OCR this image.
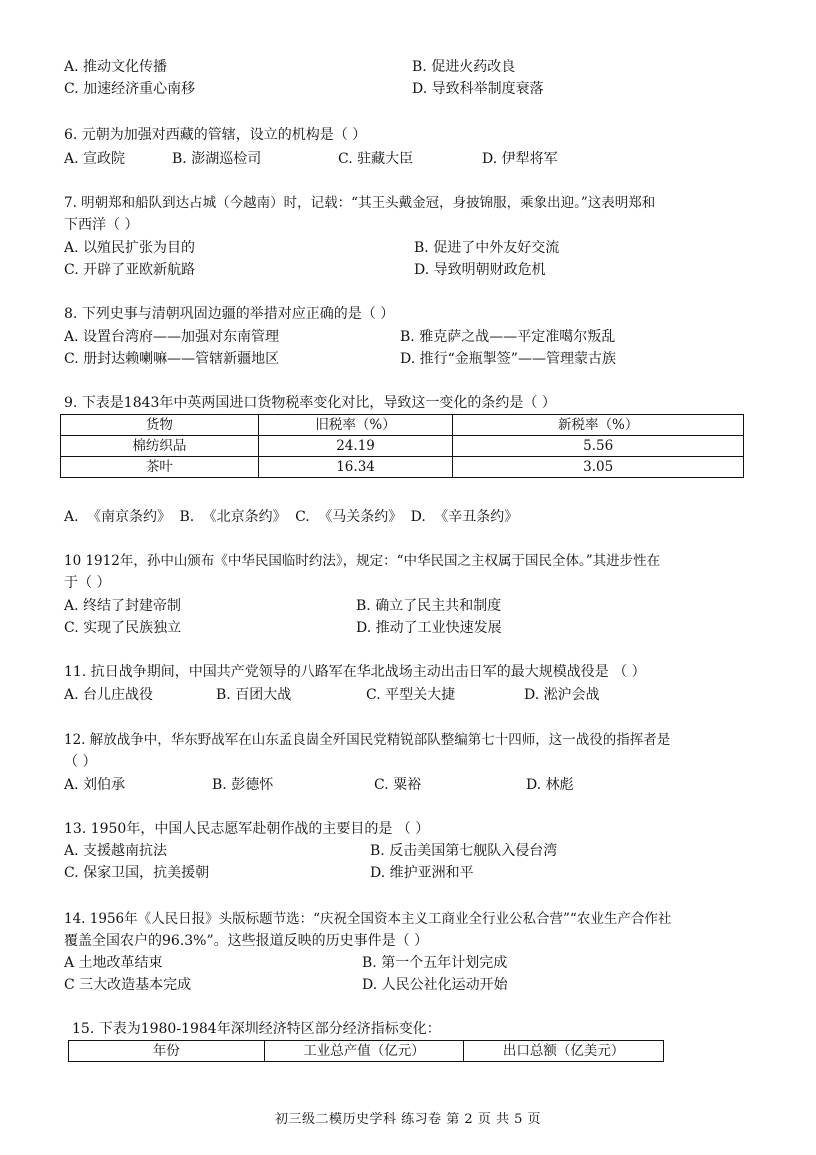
A. 推动文化传播	B. 促进火药改良
C. 加速经济重心南移	D. 导致科举制度衰落
6. 元朝为加强对西藏的管辖，设立的机构是（ ）
A. 宣政院	B. 澎湖巡检司	C. 驻藏大臣	D. 伊犁将军
7. 明朝郑和船队到达占城（今越南）时，记载：“其王头戴金冠，身披锦服，乘象出迎。”这表明郑和
下西洋（ ）
A. 以殖民扩张为目的	B. 促进了中外友好交流
C. 开辟了亚欧新航路	D. 导致明朝财政危机
8. 下列史事与清朝巩固边疆的举措对应正确的是（ ）
A. 设置台湾府——加强对东南管理	B. 雅克萨之战——平定准噶尔叛乱
C. 册封达赖喇嘛——管辖新疆地区	D. 推行“金瓶掣签”——管理蒙古族
9. 下表是1843年中英两国进口货物税率变化对比，导致这一变化的条约是（ ）
货物	旧税率（%）	新税率（%）
棉纺织品	24.19	5.56
茶叶	16.34	3.05
A. 《南京条约》 B. 《北京条约》 C. 《马关条约》 D. 《辛丑条约》
10 1912年，孙中山颁布《中华民国临时约法》，规定：“中华民国之主权属于国民全体。”其进步性在
于（ ）
A. 终结了封建帝制	B. 确立了民主共和制度
C. 实现了民族独立	D. 推动了工业快速发展
11. 抗日战争期间，中国共产党领导的八路军在华北战场主动出击日军的最大规模战役是 （ ）
A. 台儿庄战役	B. 百团大战	C. 平型关大捷	D. 淞沪会战
12. 解放战争中，华东野战军在山东孟良崮全歼国民党精锐部队整编第七十四师，这一战役的指挥者是
（ ）
A. 刘伯承	B. 彭德怀	C. 粟裕	D. 林彪
13. 1950年，中国人民志愿军赴朝作战的主要目的是 （ ）
A. 支援越南抗法	B. 反击美国第七舰队入侵台湾
C. 保家卫国，抗美援朝	D. 维护亚洲和平
14. 1956年《人民日报》头版标题节选：“庆祝全国资本主义工商业全行业公私合营”“农业生产合作社
覆盖全国农户的96.3%”。这些报道反映的历史事件是（ ）
A 土地改革结束	B. 第一个五年计划完成
C 三大改造基本完成	D. 人民公社化运动开始
15. 下表为1980-1984年深圳经济特区部分经济指标变化：
年份	工业总产值（亿元）	出口总额（亿美元）
初三级二模历史学科 练习卷 第 2 页 共 5 页
